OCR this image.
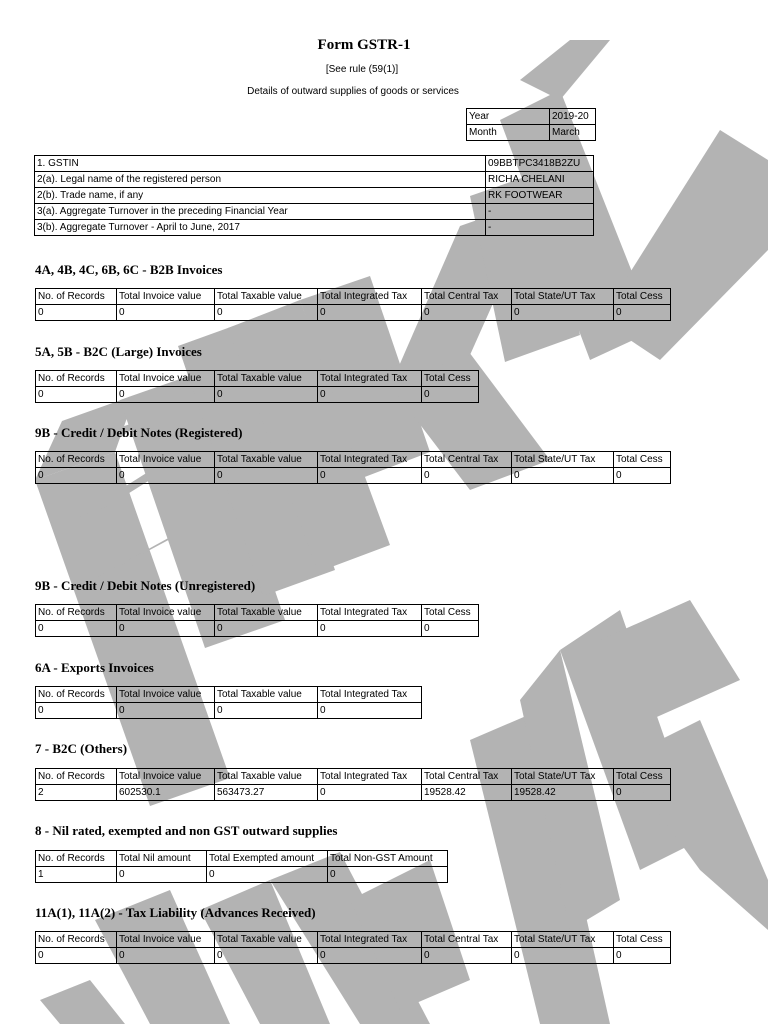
Form GSTR-1
[See rule (59(1)]
Details of outward supplies of goods or services
Year	2019-20
Month	March
1. GSTIN	09BBTPC3418B2ZU
2(a). Legal name of the registered person	RICHA CHELANI
2(b). Trade name, if any	RK FOOTWEAR
3(a). Aggregate Turnover in the preceding Financial Year	-
3(b). Aggregate Turnover - April to June, 2017	-
4A, 4B, 4C, 6B, 6C - B2B Invoices
No. of Records	Total Invoice value	Total Taxable value	Total Integrated Tax	Total Central Tax	Total State/UT Tax	Total Cess
0	0	0	0	0	0	0
5A, 5B - B2C (Large) Invoices
No. of Records	Total Invoice value	Total Taxable value	Total Integrated Tax	Total Cess
0	0	0	0	0
9B - Credit / Debit Notes (Registered)
No. of Records	Total Invoice value	Total Taxable value	Total Integrated Tax	Total Central Tax	Total State/UT Tax	Total Cess
0	0	0	0	0	0	0
9B - Credit / Debit Notes (Unregistered)
No. of Records	Total Invoice value	Total Taxable value	Total Integrated Tax	Total Cess
0	0	0	0	0
6A - Exports Invoices
No. of Records	Total Invoice value	Total Taxable value	Total Integrated Tax
0	0	0	0
7 - B2C (Others)
No. of Records	Total Invoice value	Total Taxable value	Total Integrated Tax	Total Central Tax	Total State/UT Tax	Total Cess
2	602530.1	563473.27	0	19528.42	19528.42	0
8 - Nil rated, exempted and non GST outward supplies
No. of Records	Total Nil amount	Total Exempted amount	Total Non-GST Amount
1	0	0	0
11A(1), 11A(2) - Tax Liability (Advances Received)
No. of Records	Total Invoice value	Total Taxable value	Total Integrated Tax	Total Central Tax	Total State/UT Tax	Total Cess
0	0	0	0	0	0	0
